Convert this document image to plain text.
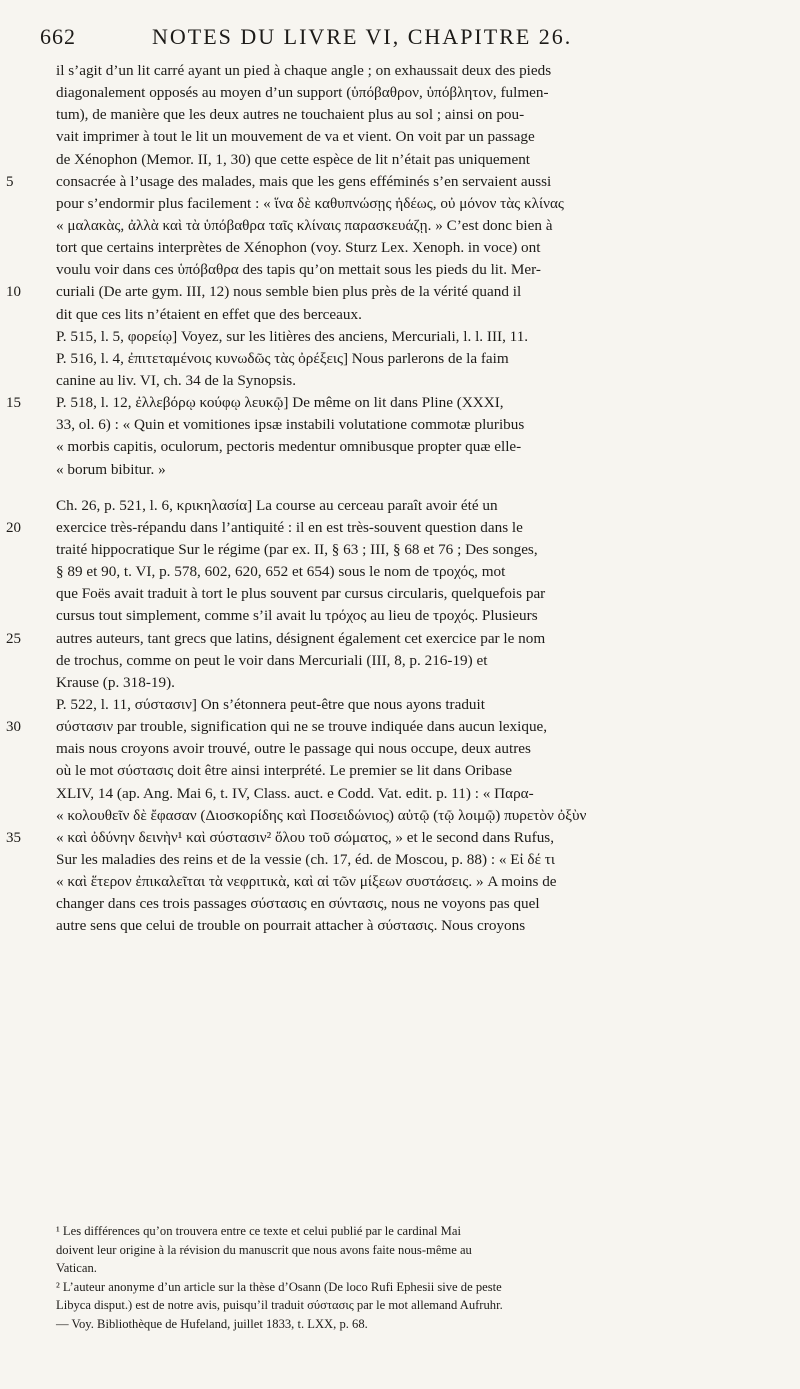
662	NOTES DU LIVRE VI, CHAPITRE 26.
il s’agit d’un lit carré ayant un pied à chaque angle ; on exhaussait deux des pieds
diagonalement opposés au moyen d’un support (ὑπόβαθρον, ὑπόβλητον, fulmen-
tum), de manière que les deux autres ne touchaient plus au sol ; ainsi on pou-
vait imprimer à tout le lit un mouvement de va et vient. On voit par un passage
de Xénophon (Memor. II, 1, 30) que cette espèce de lit n’était pas uniquement
5	consacrée à l’usage des malades, mais que les gens efféminés s’en servaient aussi
pour s’endormir plus facilement : « ἵνα δὲ καθυπνώσῃς ἡδέως, οὐ μόνον τὰς κλίνας
« μαλακὰς, ἀλλὰ καὶ τὰ ὑπόβαθρα ταῖς κλίναις παρασκευάζῃ. » C’est donc bien à
tort que certains interprètes de Xénophon (voy. Sturz Lex. Xenoph. in voce) ont
voulu voir dans ces ὑπόβαθρα des tapis qu’on mettait sous les pieds du lit. Mer-
10	curiali (De arte gym. III, 12) nous semble bien plus près de la vérité quand il
dit que ces lits n’étaient en effet que des berceaux.
P. 515, l. 5, φορείῳ] Voyez, sur les litières des anciens, Mercuriali, l. l. III, 11.
P. 516, l. 4, ἐπιτεταμένοις κυνωδῶς τὰς ὀρέξεις] Nous parlerons de la faim
canine au liv. VI, ch. 34 de la Synopsis.
15	P. 518, l. 12, ἐλλεβόρῳ κούφῳ λευκῷ] De même on lit dans Pline (XXXI,
33, ol. 6) : « Quin et vomitiones ipsæ instabili volutatione commotæ pluribus
« morbis capitis, oculorum, pectoris medentur omnibusque propter quæ elle-
« borum bibitur. »
Ch. 26, p. 521, l. 6, κρικηλασία] La course au cerceau paraît avoir été un
20	exercice très-répandu dans l’antiquité : il en est très-souvent question dans le
traité hippocratique Sur le régime (par ex. II, § 63 ; III, § 68 et 76 ; Des songes,
§ 89 et 90, t. VI, p. 578, 602, 620, 652 et 654) sous le nom de τροχός, mot
que Foës avait traduit à tort le plus souvent par cursus circularis, quelquefois par
cursus tout simplement, comme s’il avait lu τρόχος au lieu de τροχός. Plusieurs
25	autres auteurs, tant grecs que latins, désignent également cet exercice par le nom
de trochus, comme on peut le voir dans Mercuriali (III, 8, p. 216-19) et
Krause (p. 318-19).
P. 522, l. 11, σύστασιν] On s’étonnera peut-être que nous ayons traduit
30	σύστασιν par trouble, signification qui ne se trouve indiquée dans aucun lexique,
mais nous croyons avoir trouvé, outre le passage qui nous occupe, deux autres
où le mot σύστασις doit être ainsi interprété. Le premier se lit dans Oribase
XLIV, 14 (ap. Ang. Mai 6, t. IV, Class. auct. e Codd. Vat. edit. p. 11) : « Παρα-
« κολουθεῖν δὲ ἔφασαν (Διοσκορίδης καὶ Ποσειδώνιος) αὐτῷ (τῷ λοιμῷ) πυρετὸν ὀξὺν
35	« καὶ ὀδύνην δεινὴν¹ καὶ σύστασιν² ὅλου τοῦ σώματος, » et le second dans Rufus,
Sur les maladies des reins et de la vessie (ch. 17, éd. de Moscou, p. 88) : « Εἰ δέ τι
« καὶ ἕτερον ἐπικαλεῖται τὰ νεφριτικὰ, καὶ αἱ τῶν μίξεων συστάσεις. » A moins de
changer dans ces trois passages σύστασις en σύντασις, nous ne voyons pas quel
autre sens que celui de trouble on pourrait attacher à σύστασις. Nous croyons
¹ Les différences qu’on trouvera entre ce texte et celui publié par le cardinal Mai
doivent leur origine à la révision du manuscrit que nous avons faite nous-même au
Vatican.
² L’auteur anonyme d’un article sur la thèse d’Osann (De loco Rufi Ephesii sive de peste
Libyca disput.) est de notre avis, puisqu’il traduit σύστασις par le mot allemand Aufruhr.
— Voy. Bibliothèque de Hufeland, juillet 1833, t. LXX, p. 68.
